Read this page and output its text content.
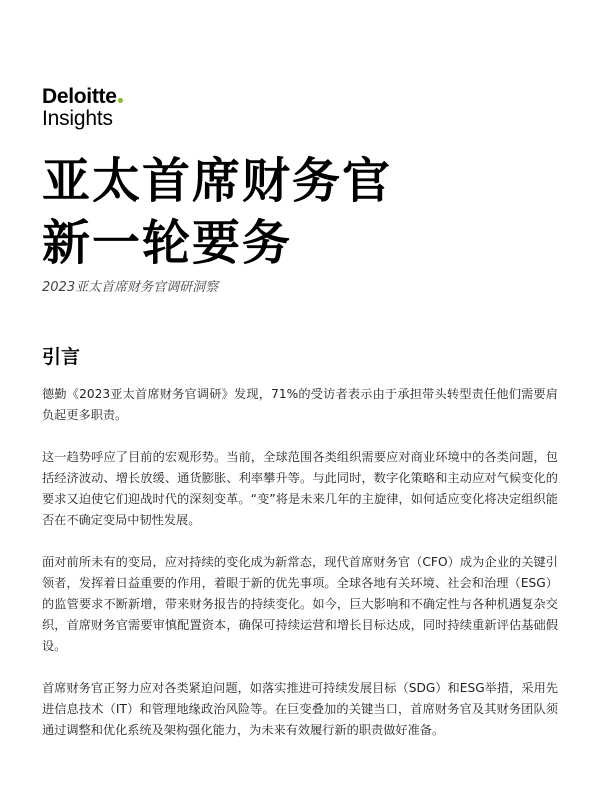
Deloitte
Insights
亚太首席财务官
新一轮要务

2023亚太首席财务官调研洞察

引言

德勤《2023亚太首席财务官调研》发现，71%的受访者表示由于承担带头转型责任他们需要肩负起更多职责。

这一趋势呼应了目前的宏观形势。当前，全球范围各类组织需要应对商业环境中的各类问题，包括经济波动、增长放缓、通货膨胀、利率攀升等。与此同时，数字化策略和主动应对气候变化的要求又迫使它们迎战时代的深刻变革。“变”将是未来几年的主旋律，如何适应变化将决定组织能否在不确定变局中韧性发展。

面对前所未有的变局，应对持续的变化成为新常态，现代首席财务官（CFO）成为企业的关键引领者，发挥着日益重要的作用，着眼于新的优先事项。全球各地有关环境、社会和治理（ESG）的监管要求不断新增，带来财务报告的持续变化。如今，巨大影响和不确定性与各种机遇复杂交织，首席财务官需要审慎配置资本，确保可持续运营和增长目标达成，同时持续重新评估基础假设。

首席财务官正努力应对各类紧迫问题，如落实推进可持续发展目标（SDG）和ESG举措，采用先进信息技术（IT）和管理地缘政治风险等。在巨变叠加的关键当口，首席财务官及其财务团队须通过调整和优化系统及架构强化能力，为未来有效履行新的职责做好准备。
